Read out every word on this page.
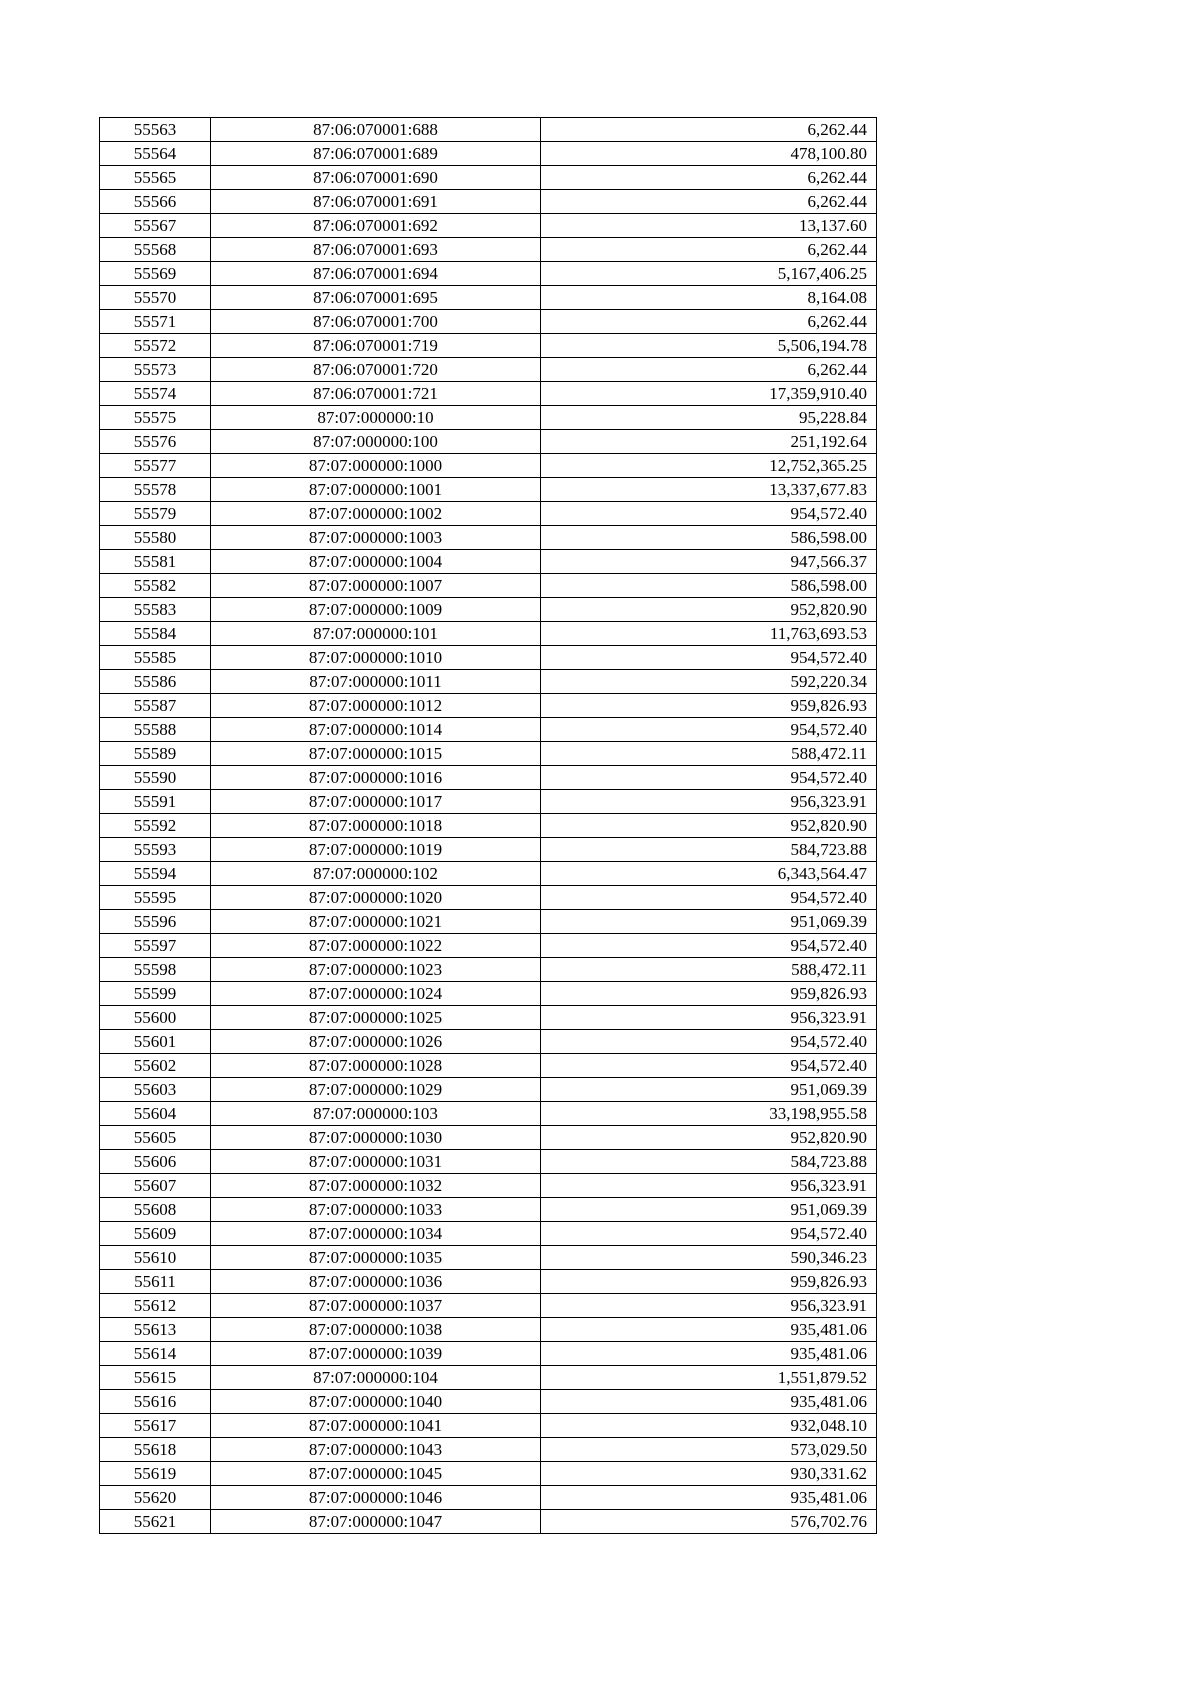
55563	87:06:070001:688	6,262.44
55564	87:06:070001:689	478,100.80
55565	87:06:070001:690	6,262.44
55566	87:06:070001:691	6,262.44
55567	87:06:070001:692	13,137.60
55568	87:06:070001:693	6,262.44
55569	87:06:070001:694	5,167,406.25
55570	87:06:070001:695	8,164.08
55571	87:06:070001:700	6,262.44
55572	87:06:070001:719	5,506,194.78
55573	87:06:070001:720	6,262.44
55574	87:06:070001:721	17,359,910.40
55575	87:07:000000:10	95,228.84
55576	87:07:000000:100	251,192.64
55577	87:07:000000:1000	12,752,365.25
55578	87:07:000000:1001	13,337,677.83
55579	87:07:000000:1002	954,572.40
55580	87:07:000000:1003	586,598.00
55581	87:07:000000:1004	947,566.37
55582	87:07:000000:1007	586,598.00
55583	87:07:000000:1009	952,820.90
55584	87:07:000000:101	11,763,693.53
55585	87:07:000000:1010	954,572.40
55586	87:07:000000:1011	592,220.34
55587	87:07:000000:1012	959,826.93
55588	87:07:000000:1014	954,572.40
55589	87:07:000000:1015	588,472.11
55590	87:07:000000:1016	954,572.40
55591	87:07:000000:1017	956,323.91
55592	87:07:000000:1018	952,820.90
55593	87:07:000000:1019	584,723.88
55594	87:07:000000:102	6,343,564.47
55595	87:07:000000:1020	954,572.40
55596	87:07:000000:1021	951,069.39
55597	87:07:000000:1022	954,572.40
55598	87:07:000000:1023	588,472.11
55599	87:07:000000:1024	959,826.93
55600	87:07:000000:1025	956,323.91
55601	87:07:000000:1026	954,572.40
55602	87:07:000000:1028	954,572.40
55603	87:07:000000:1029	951,069.39
55604	87:07:000000:103	33,198,955.58
55605	87:07:000000:1030	952,820.90
55606	87:07:000000:1031	584,723.88
55607	87:07:000000:1032	956,323.91
55608	87:07:000000:1033	951,069.39
55609	87:07:000000:1034	954,572.40
55610	87:07:000000:1035	590,346.23
55611	87:07:000000:1036	959,826.93
55612	87:07:000000:1037	956,323.91
55613	87:07:000000:1038	935,481.06
55614	87:07:000000:1039	935,481.06
55615	87:07:000000:104	1,551,879.52
55616	87:07:000000:1040	935,481.06
55617	87:07:000000:1041	932,048.10
55618	87:07:000000:1043	573,029.50
55619	87:07:000000:1045	930,331.62
55620	87:07:000000:1046	935,481.06
55621	87:07:000000:1047	576,702.76
